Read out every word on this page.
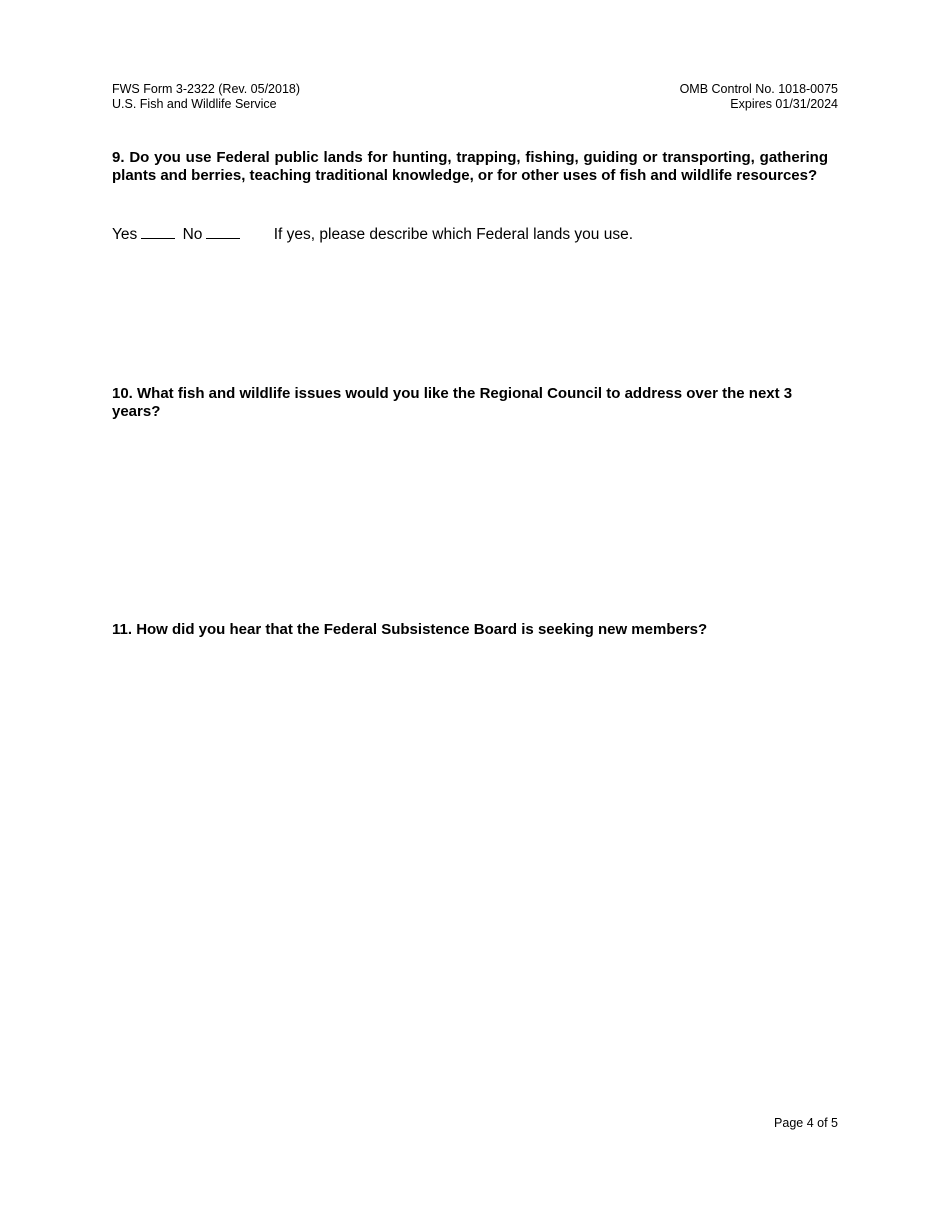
FWS Form 3-2322 (Rev. 05/2018)
U.S. Fish and Wildlife Service
OMB Control No. 1018-0075
Expires 01/31/2024

9. Do you use Federal public lands for hunting, trapping, fishing, guiding or transporting, gathering plants and berries, teaching traditional knowledge, or for other uses of fish and wildlife resources?

Yes	No	If yes, please describe which Federal lands you use.

10. What fish and wildlife issues would you like the Regional Council to address over the next 3 years?

11. How did you hear that the Federal Subsistence Board is seeking new members?

Page 4 of 5
